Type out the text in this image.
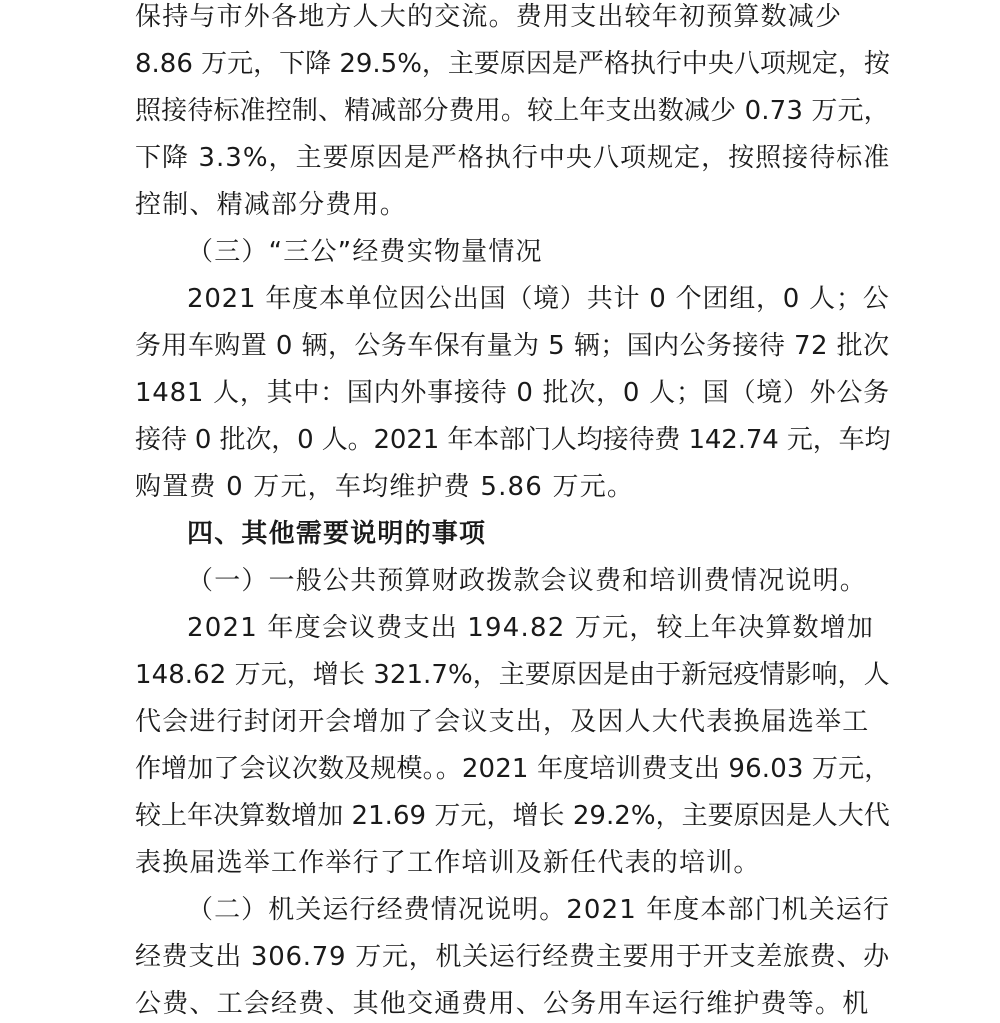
保持与市外各地方人大的交流。费用支出较年初预算数减少
8.86 万元，下降 29.5%，主要原因是严格执行中央八项规定，按
照接待标准控制、精减部分费用。较上年支出数减少 0.73 万元，
下降 3.3%，主要原因是严格执行中央八项规定，按照接待标准
控制、精减部分费用。
（三）“三公”经费实物量情况
2021 年度本单位因公出国（境）共计 0 个团组，0 人；公
务用车购置 0 辆，公务车保有量为 5 辆；国内公务接待 72 批次
1481 人，其中：国内外事接待 0 批次，0 人；国（境）外公务
接待 0 批次，0 人。2021 年本部门人均接待费 142.74 元，车均
购置费 0 万元，车均维护费 5.86 万元。
四、其他需要说明的事项
（一）一般公共预算财政拨款会议费和培训费情况说明。
2021 年度会议费支出 194.82 万元，较上年决算数增加
148.62 万元，增长 321.7%，主要原因是由于新冠疫情影响，人
代会进行封闭开会增加了会议支出，及因人大代表换届选举工
作增加了会议次数及规模。。2021 年度培训费支出 96.03 万元，
较上年决算数增加 21.69 万元，增长 29.2%，主要原因是人大代
表换届选举工作举行了工作培训及新任代表的培训。
（二）机关运行经费情况说明。2021 年度本部门机关运行
经费支出 306.79 万元，机关运行经费主要用于开支差旅费、办
公费、工会经费、其他交通费用、公务用车运行维护费等。机
